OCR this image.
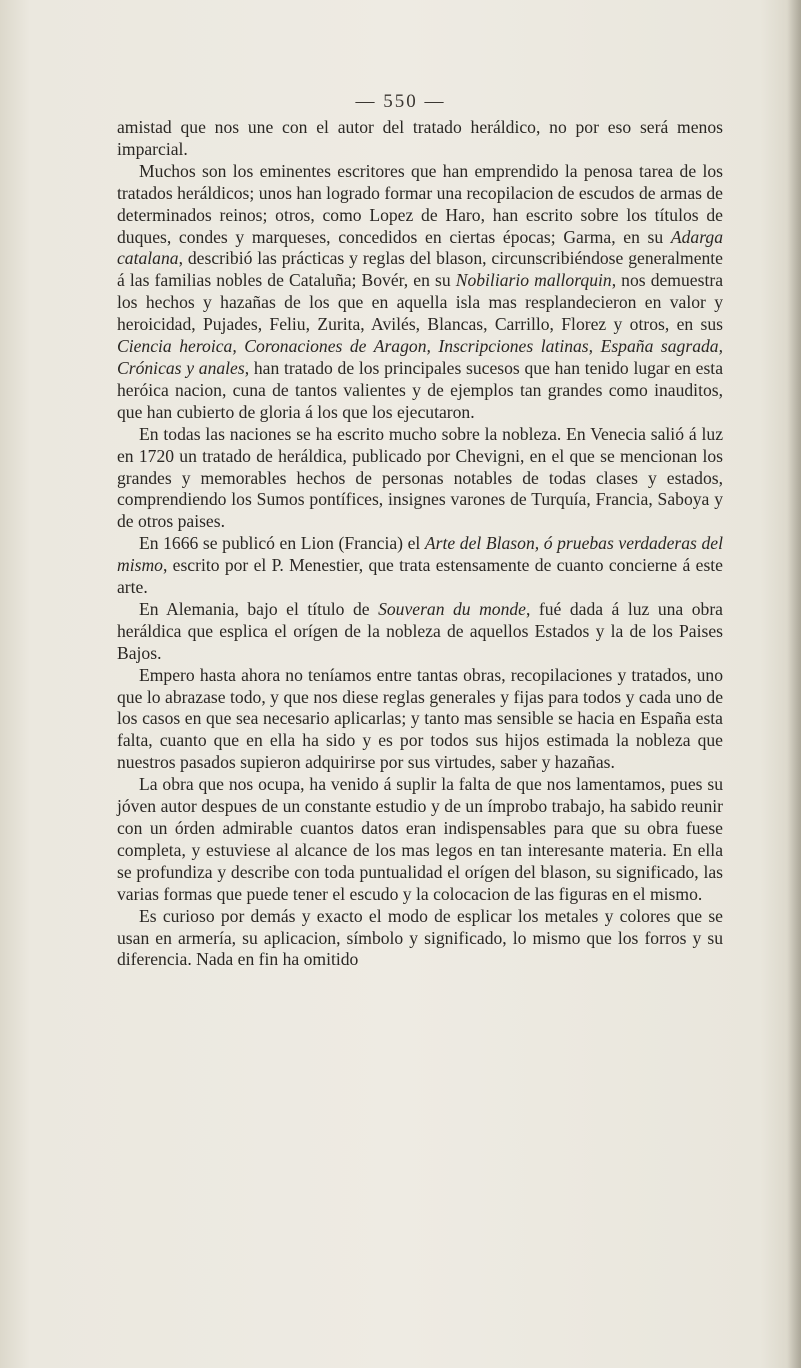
— 550 —

amistad que nos une con el autor del tratado heráldico, no por eso será menos imparcial.

Muchos son los eminentes escritores que han emprendido la penosa tarea de los tratados heráldicos; unos han logrado formar una recopilacion de escudos de armas de determinados reinos; otros, como Lopez de Haro, han escrito sobre los títulos de duques, condes y marqueses, concedidos en ciertas épocas; Garma, en su Adarga catalana, describió las prácticas y reglas del blason, circunscribiéndose generalmente á las familias nobles de Cataluña; Bovér, en su Nobiliario mallorquin, nos demuestra los hechos y hazañas de los que en aquella isla mas resplandecieron en valor y heroicidad, Pujades, Feliu, Zurita, Avilés, Blancas, Carrillo, Florez y otros, en sus Ciencia heroica, Coronaciones de Aragon, Inscripciones latinas, España sagrada, Crónicas y anales, han tratado de los principales sucesos que han tenido lugar en esta heróica nacion, cuna de tantos valientes y de ejemplos tan grandes como inauditos, que han cubierto de gloria á los que los ejecutaron.

En todas las naciones se ha escrito mucho sobre la nobleza. En Venecia salió á luz en 1720 un tratado de heráldica, publicado por Chevigni, en el que se mencionan los grandes y memorables hechos de personas notables de todas clases y estados, comprendiendo los Sumos pontífices, insignes varones de Turquía, Francia, Saboya y de otros paises.

En 1666 se publicó en Lion (Francia) el Arte del Blason, ó pruebas verdaderas del mismo, escrito por el P. Menestier, que trata estensamente de cuanto concierne á este arte.

En Alemania, bajo el título de Souveran du monde, fué dada á luz una obra heráldica que esplica el orígen de la nobleza de aquellos Estados y la de los Paises Bajos.

Empero hasta ahora no teníamos entre tantas obras, recopilaciones y tratados, uno que lo abrazase todo, y que nos diese reglas generales y fijas para todos y cada uno de los casos en que sea necesario aplicarlas; y tanto mas sensible se hacia en España esta falta, cuanto que en ella ha sido y es por todos sus hijos estimada la nobleza que nuestros pasados supieron adquirirse por sus virtudes, saber y hazañas.

La obra que nos ocupa, ha venido á suplir la falta de que nos lamentamos, pues su jóven autor despues de un constante estudio y de un ímprobo trabajo, ha sabido reunir con un órden admirable cuantos datos eran indispensables para que su obra fuese completa, y estuviese al alcance de los mas legos en tan interesante materia. En ella se profundiza y describe con toda puntualidad el orígen del blason, su significado, las varias formas que puede tener el escudo y la colocacion de las figuras en el mismo.

Es curioso por demás y exacto el modo de esplicar los metales y colores que se usan en armería, su aplicacion, símbolo y significado, lo mismo que los forros y su diferencia. Nada en fin ha omitido
